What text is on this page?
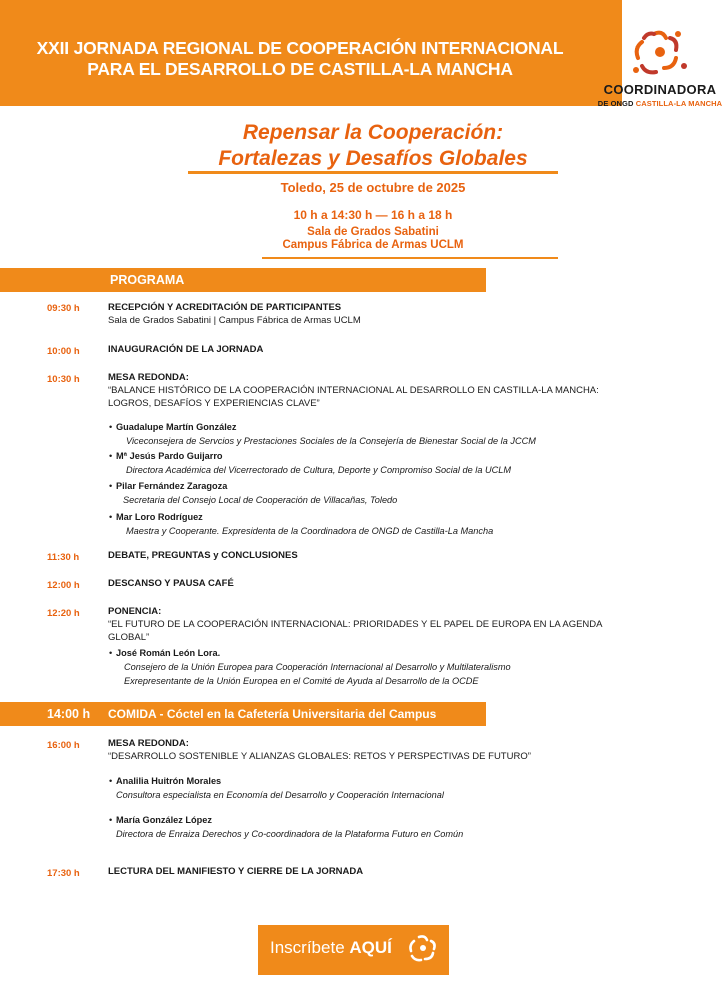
XXII JORNADA REGIONAL DE COOPERACIÓN INTERNACIONAL
PARA EL DESARROLLO DE CASTILLA-LA MANCHA
COORDINADORA
DE ONGD CASTILLA-LA MANCHA
Repensar la Cooperación:
Fortalezas y Desafíos Globales
Toledo, 25 de octubre de 2025
10 h a 14:30 h — 16 h a 18 h
Sala de Grados Sabatini
Campus Fábrica de Armas UCLM
PROGRAMA
09:30 h	RECEPCIÓN Y ACREDITACIÓN DE PARTICIPANTES
Sala de Grados Sabatini | Campus Fábrica de Armas UCLM
10:00 h	INAUGURACIÓN DE LA JORNADA
10:30 h	MESA REDONDA:
“BALANCE HISTÓRICO DE LA COOPERACIÓN INTERNACIONAL AL DESARROLLO EN CASTILLA-LA MANCHA:
LOGROS, DESAFÍOS Y EXPERIENCIAS CLAVE”
• Guadalupe Martín González
Viceconsejera de Servcios y Prestaciones Sociales de la Consejería de Bienestar Social de la JCCM
• Mª Jesús Pardo Guijarro
Directora Académica del Vicerrectorado de Cultura, Deporte y Compromiso Social de la UCLM
• Pilar Fernández Zaragoza
Secretaria del Consejo Local de Cooperación de Villacañas, Toledo
• Mar Loro Rodríguez
Maestra y Cooperante. Expresidenta de la Coordinadora de ONGD de Castilla-La Mancha
11:30 h	DEBATE, PREGUNTAS y CONCLUSIONES
12:00 h	DESCANSO Y PAUSA CAFÉ
12:20 h	PONENCIA:
“EL FUTURO DE LA COOPERACIÓN INTERNACIONAL: PRIORIDADES Y EL PAPEL DE EUROPA EN LA AGENDA
GLOBAL”
• José Román León Lora.
Consejero de la Unión Europea para Cooperación Internacional al Desarrollo y Multilateralismo
Exrepresentante de la Unión Europea en el Comité de Ayuda al Desarrollo de la OCDE
14:00 h COMIDA - Cóctel en la Cafetería Universitaria del Campus
16:00 h	MESA REDONDA:
“DESARROLLO SOSTENIBLE Y ALIANZAS GLOBALES: RETOS Y PERSPECTIVAS DE FUTURO”
• Analilia Huitrón Morales
Consultora especialista en Economía del Desarrollo y Cooperación Internacional
• María González López
Directora de Enraiza Derechos y Co-coordinadora de la Plataforma Futuro en Común
17:30 h	LECTURA DEL MANIFIESTO Y CIERRE DE LA JORNADA
Inscríbete AQUÍ
